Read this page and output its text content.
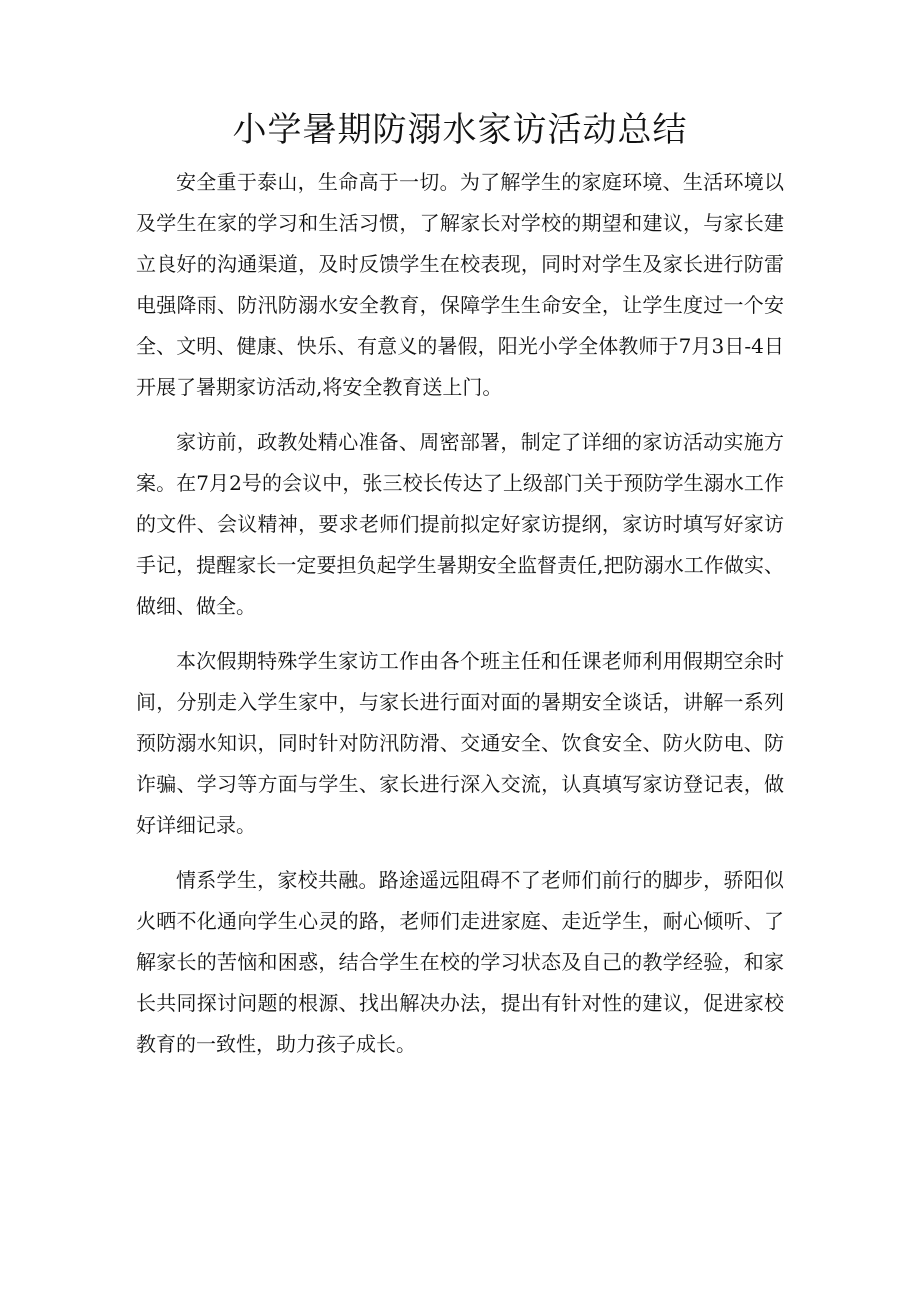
小学暑期防溺水家访活动总结

安全重于泰山，生命高于一切。为了解学生的家庭环境、生活环境以及学生在家的学习和生活习惯，了解家长对学校的期望和建议，与家长建立良好的沟通渠道，及时反馈学生在校表现，同时对学生及家长进行防雷电强降雨、防汛防溺水安全教育，保障学生生命安全，让学生度过一个安全、文明、健康、快乐、有意义的暑假，阳光小学全体教师于7月3日-4日开展了暑期家访活动,将安全教育送上门。

家访前，政教处精心准备、周密部署，制定了详细的家访活动实施方案。在7月2号的会议中，张三校长传达了上级部门关于预防学生溺水工作的文件、会议精神，要求老师们提前拟定好家访提纲，家访时填写好家访手记，提醒家长一定要担负起学生暑期安全监督责任,把防溺水工作做实、做细、做全。

本次假期特殊学生家访工作由各个班主任和任课老师利用假期空余时间，分别走入学生家中，与家长进行面对面的暑期安全谈话，讲解一系列预防溺水知识，同时针对防汛防滑、交通安全、饮食安全、防火防电、防诈骗、学习等方面与学生、家长进行深入交流，认真填写家访登记表，做好详细记录。

情系学生，家校共融。路途遥远阻碍不了老师们前行的脚步，骄阳似火晒不化通向学生心灵的路，老师们走进家庭、走近学生，耐心倾听、了解家长的苦恼和困惑，结合学生在校的学习状态及自己的教学经验，和家长共同探讨问题的根源、找出解决办法，提出有针对性的建议，促进家校教育的一致性，助力孩子成长。
